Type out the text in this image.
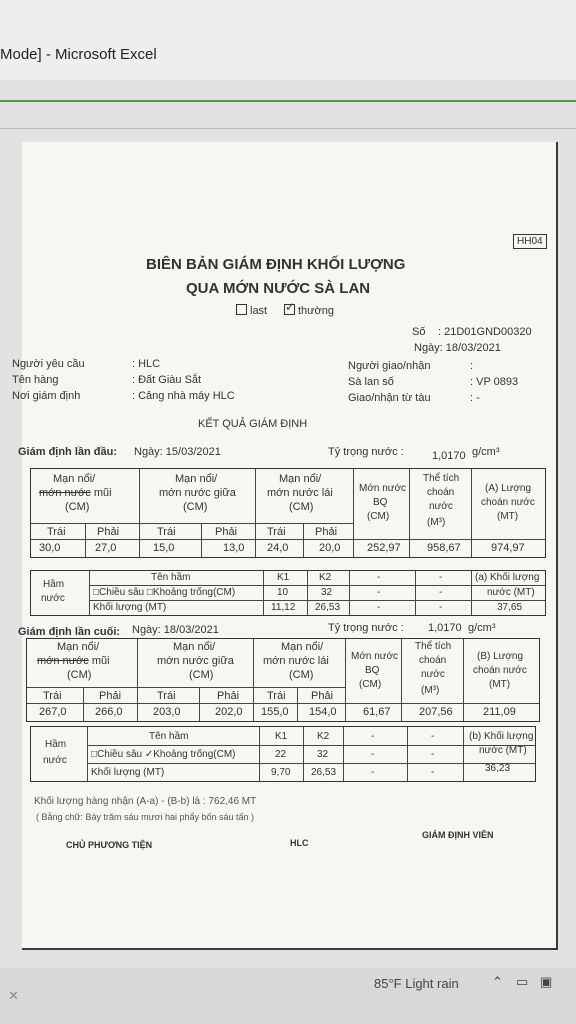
Mode] - Microsoft Excel
HH04
BIÊN BẢN GIÁM ĐỊNH KHỐI LƯỢNG
QUA MỚN NƯỚC SÀ LAN
last
✓	thường
Số : 21D01GND00320
Ngày: 18/03/2021
Người yêu cầu	: HLC
Tên hàng	: Đất Giàu Sắt
Nơi giám định	: Cảng nhà máy HLC
Người giao/nhận	:
Sà lan số	: VP 0893
Giao/nhận từ tàu	: -
KẾT QUẢ GIÁM ĐỊNH
Giám định lần đầu: Ngày: 15/03/2021	Tỷ trọng nước :	1,0170 g/cm³
Mạn nổi/
mớn nước mũi
(CM)
Mạn nổi/
mớn nước giữa
(CM)
Mạn nổi/
mớn nước lái
(CM)
Mớn nước
BQ
(CM)
Thể tích
choán
nước
(M³)
(A) Lượng
choán nước
(MT)
Trái	Phải	Trái	Phải	Trái	Phải
30,0	27,0	15,0	13,0 24,0	20,0 252,97 958,67	974,97
Hầm
nước
Tên hầm	K1	K2	-	-
□Chiều sâu □Khoảng trống(CM)	10	32	-	-
Khối lượng (MT)	11,12 26,53	-	-
(a) Khối lượng
nước (MT)
37,65
Giám định lần cuối: Ngày: 18/03/2021	Tỷ trọng nước : 1,0170 g/cm³
Mạn nổi/
mớn nước mũi
(CM)
Mạn nổi/
mớn nước giữa
(CM)
Mạn nổi/
mớn nước lái
(CM)
Mớn nước
BQ
(CM)
Thể tích
choán
nước
(M³)
(B) Lượng
choán nước
(MT)
Trái	Phải	Trái	Phải	Trái Phải
267,0	266,0	203,0	202,0 155,0 154,0 61,67	207,56	211,09
Hầm
nước
Tên hầm	K1	K2	-	-
□Chiều sâu ✓Khoảng trống(CM)	22	32	-	-
Khối lượng (MT)	9,70 26,53	-	-
(b) Khối lượng
nước (MT)
36,23
Khối lượng hàng nhận (A-a) - (B-b) là : 762,46 MT
( Bằng chữ: Bảy trăm sáu mươi hai phẩy bốn sáu tấn )
CHỦ PHƯƠNG TIỆN	HLC
GIÁM ĐỊNH VIÊN
✕
85°F Light rain	⌃ ▭ ▣
